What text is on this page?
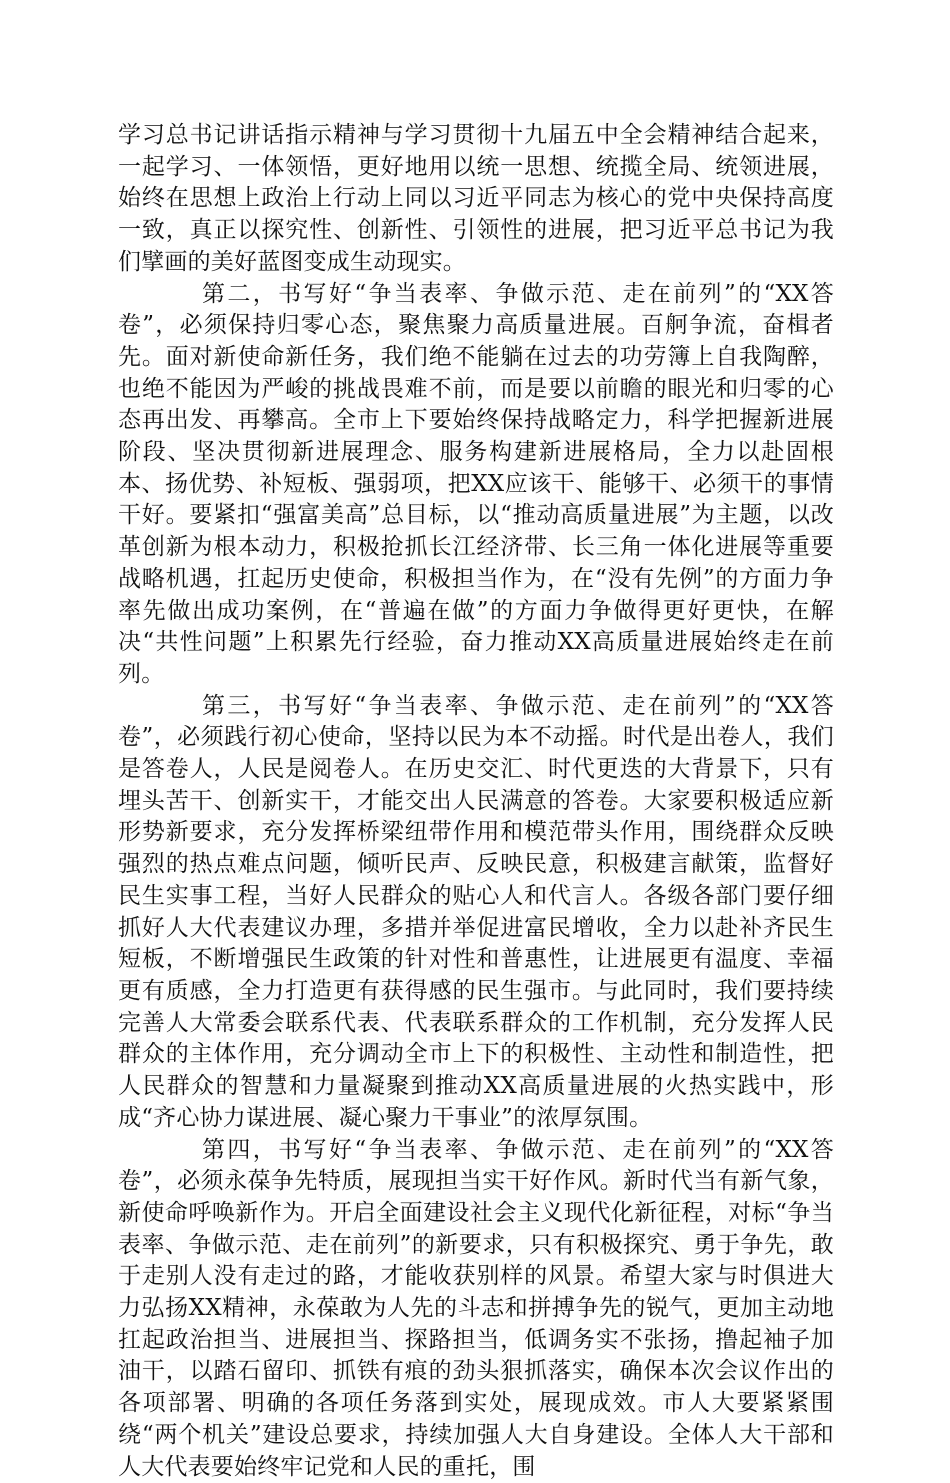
学习总书记讲话指示精神与学习贯彻十九届五中全会精神结合起来，一起学习、一体领悟，更好地用以统一思想、统揽全局、统领进展，始终在思想上政治上行动上同以习近平同志为核心的党中央保持高度一致，真正以探究性、创新性、引领性的进展，把习近平总书记为我们擘画的美好蓝图变成生动现实。

第二，书写好“争当表率、争做示范、走在前列”的“XX答卷”，必须保持归零心态，聚焦聚力高质量进展。百舸争流，奋楫者先。面对新使命新任务，我们绝不能躺在过去的功劳簿上自我陶醉，也绝不能因为严峻的挑战畏难不前，而是要以前瞻的眼光和归零的心态再出发、再攀高。全市上下要始终保持战略定力，科学把握新进展阶段、坚决贯彻新进展理念、服务构建新进展格局，全力以赴固根本、扬优势、补短板、强弱项，把XX应该干、能够干、必须干的事情干好。要紧扣“强富美高”总目标，以“推动高质量进展”为主题，以改革创新为根本动力，积极抢抓长江经济带、长三角一体化进展等重要战略机遇，扛起历史使命，积极担当作为，在“没有先例”的方面力争率先做出成功案例，在“普遍在做”的方面力争做得更好更快，在解决“共性问题”上积累先行经验，奋力推动XX高质量进展始终走在前列。

第三，书写好“争当表率、争做示范、走在前列”的“XX答卷”，必须践行初心使命，坚持以民为本不动摇。时代是出卷人，我们是答卷人，人民是阅卷人。在历史交汇、时代更迭的大背景下，只有埋头苦干、创新实干，才能交出人民满意的答卷。大家要积极适应新形势新要求，充分发挥桥梁纽带作用和模范带头作用，围绕群众反映强烈的热点难点问题，倾听民声、反映民意，积极建言献策，监督好民生实事工程，当好人民群众的贴心人和代言人。各级各部门要仔细抓好人大代表建议办理，多措并举促进富民增收，全力以赴补齐民生短板，不断增强民生政策的针对性和普惠性，让进展更有温度、幸福更有质感，全力打造更有获得感的民生强市。与此同时，我们要持续完善人大常委会联系代表、代表联系群众的工作机制，充分发挥人民群众的主体作用，充分调动全市上下的积极性、主动性和制造性，把人民群众的智慧和力量凝聚到推动XX高质量进展的火热实践中，形成“齐心协力谋进展、凝心聚力干事业”的浓厚氛围。

第四，书写好“争当表率、争做示范、走在前列”的“XX答卷”，必须永葆争先特质，展现担当实干好作风。新时代当有新气象，新使命呼唤新作为。开启全面建设社会主义现代化新征程，对标“争当表率、争做示范、走在前列”的新要求，只有积极探究、勇于争先，敢于走别人没有走过的路，才能收获别样的风景。希望大家与时俱进大力弘扬XX精神，永葆敢为人先的斗志和拼搏争先的锐气，更加主动地扛起政治担当、进展担当、探路担当，低调务实不张扬，撸起袖子加油干，以踏石留印、抓铁有痕的劲头狠抓落实，确保本次会议作出的各项部署、明确的各项任务落到实处，展现成效。市人大要紧紧围绕“两个机关”建设总要求，持续加强人大自身建设。全体人大干部和人大代表要始终牢记党和人民的重托，围
